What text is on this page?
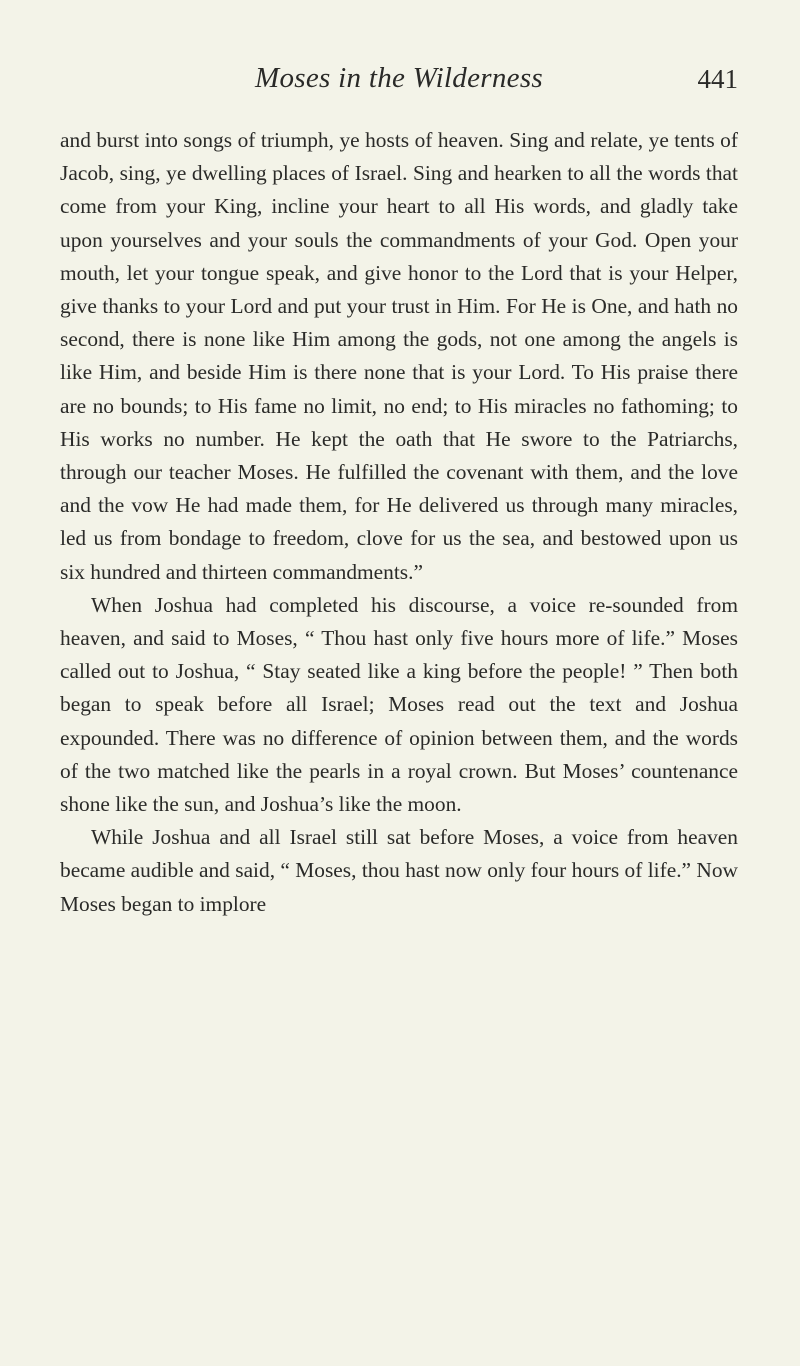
Moses in the Wilderness	441

and burst into songs of triumph, ye hosts of heaven. Sing and relate, ye tents of Jacob, sing, ye dwelling places of Israel. Sing and hearken to all the words that come from your King, incline your heart to all His words, and gladly take upon yourselves and your souls the commandments of your God. Open your mouth, let your tongue speak, and give honor to the Lord that is your Helper, give thanks to your Lord and put your trust in Him. For He is One, and hath no second, there is none like Him among the gods, not one among the angels is like Him, and beside Him is there none that is your Lord. To His praise there are no bounds; to His fame no limit, no end; to His miracles no fathoming; to His works no number. He kept the oath that He swore to the Patriarchs, through our teacher Moses. He fulfilled the covenant with them, and the love and the vow He had made them, for He delivered us through many miracles, led us from bondage to freedom, clove for us the sea, and bestowed upon us six hundred and thirteen commandments.”

When Joshua had completed his discourse, a voice re-sounded from heaven, and said to Moses, “ Thou hast only five hours more of life.” Moses called out to Joshua, “ Stay seated like a king before the people! ” Then both began to speak before all Israel; Moses read out the text and Joshua expounded. There was no difference of opinion between them, and the words of the two matched like the pearls in a royal crown. But Moses’ countenance shone like the sun, and Joshua’s like the moon.

While Joshua and all Israel still sat before Moses, a voice from heaven became audible and said, “ Moses, thou hast now only four hours of life.” Now Moses began to implore
